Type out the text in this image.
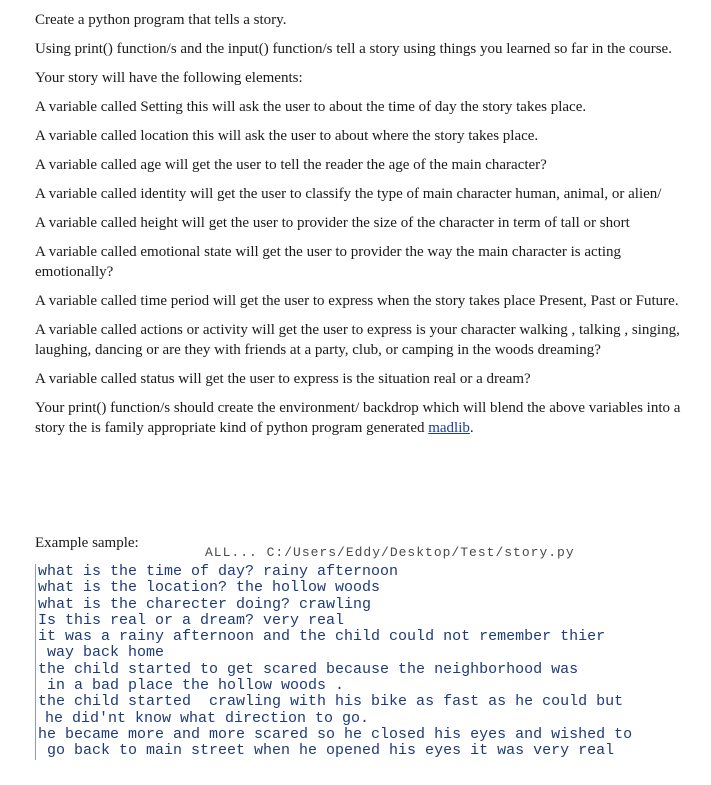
Create a python program that tells a story.

Using print() function/s and the input() function/s tell a story using things you learned so far in the course.

Your story will have the following elements:

A variable called Setting this will ask the user to about the time of day the story takes place.

A variable called location this will ask the user to about where the story takes place.

A variable called age will get the user to tell the reader the age of the main character?

A variable called identity will get the user to classify the type of main character human, animal, or alien/

A variable called height will get the user to provider the size of the character in term of tall or short

A variable called emotional state will get the user to provider the way the main character is acting emotionally?

A variable called time period will get the user to express when the story takes place Present, Past or Future.

A variable called actions or activity will get the user to express is your character walking , talking , singing, laughing, dancing or are they with friends at a party, club, or camping in the woods dreaming?

A variable called status will get the user to express is the situation real or a dream?

Your print() function/s should create the environment/ backdrop which will blend the above variables into a story the is family appropriate kind of python program generated madlib.

Example sample:
ALL... C:/Users/Eddy/Desktop/Test/story.py
what is the time of day? rainy afternoon
what is the location? the hollow woods
what is the charecter doing? crawling
Is this real or a dream? very real
it was a rainy afternoon and the child could not remember thier
way back home
the child started to get scared because the neighborhood was
in a bad place the hollow woods .
the child started  crawling with his bike as fast as he could but
he did'nt know what direction to go.
he became more and more scared so he closed his eyes and wished to
go back to main street when he opened his eyes it was very real
